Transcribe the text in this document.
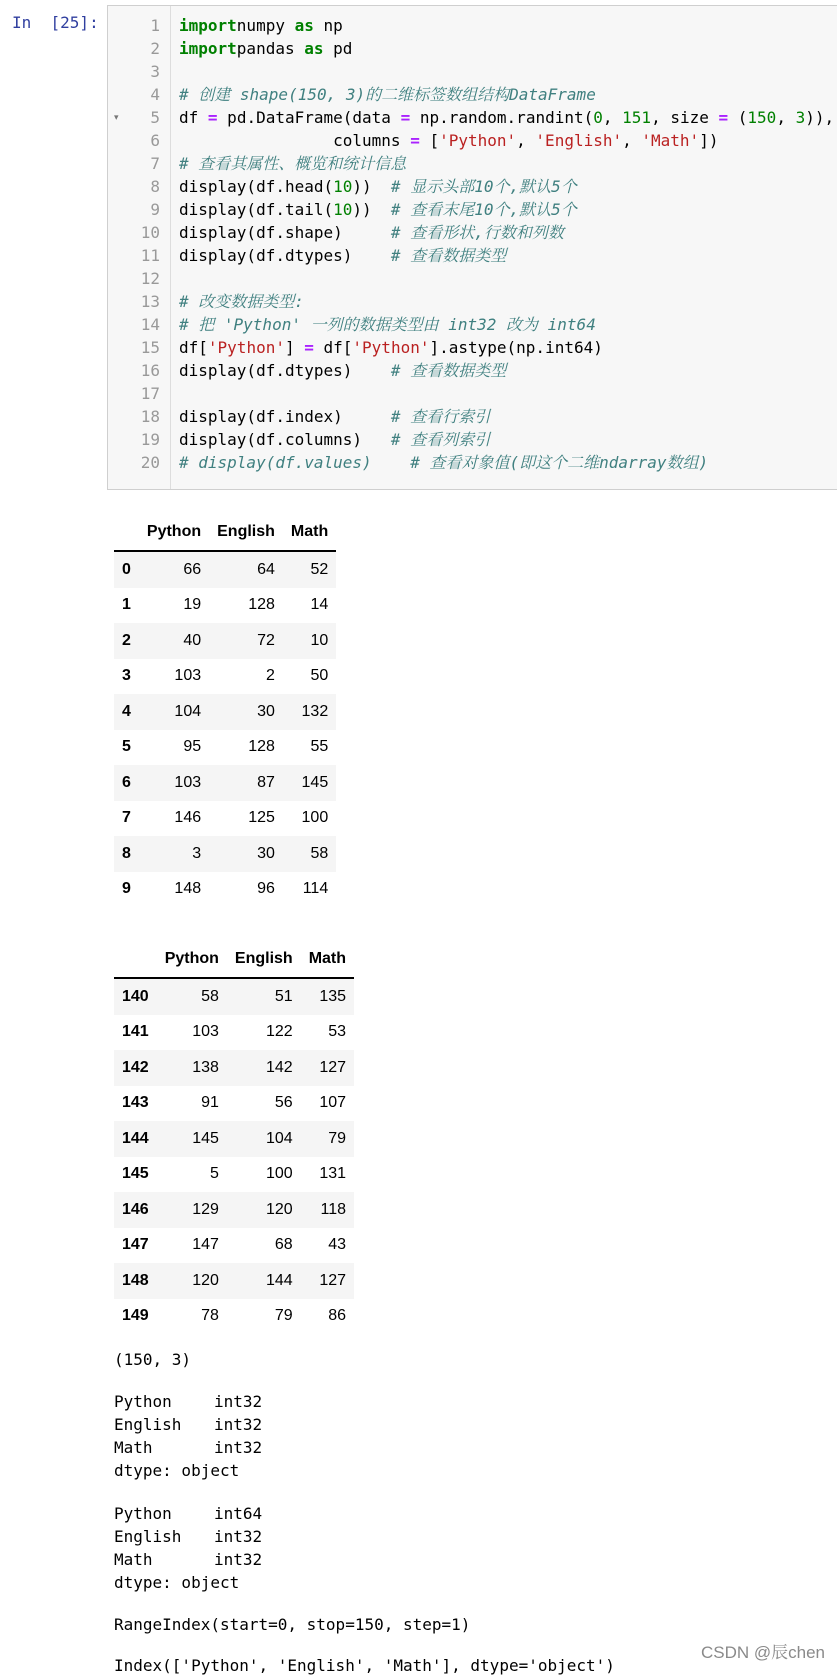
In  [25]:	1 importnumpy as np
2 importpandas as pd
3
4 # 创建 shape(150, 3)的二维标签数组结构DataFrame
5
▾	df = pd.DataFrame(data = np.random.randint(0, 151, size = (150, 3)),
6 columns = ['Python', 'English', 'Math'])
7 # 查看其属性、概览和统计信息
8 display(df.head(10))  # 显示头部10个,默认5个
9 display(df.tail(10))  # 查看末尾10个,默认5个
10 display(df.shape)     # 查看形状,行数和列数
11 display(df.dtypes)    # 查看数据类型
12
13 # 改变数据类型:
14 # 把 'Python' 一列的数据类型由 int32 改为 int64
15 df['Python'] = df['Python'].astype(np.int64)
16 display(df.dtypes)    # 查看数据类型
17
18 display(df.index)     # 查看行索引
19 display(df.columns)   # 查看列索引
20 # display(df.values)    # 查看对象值(即这个二维ndarray数组)
	Python	English	Math
0	66	64	52
1	19	128	14
2	40	72	10
3	103	2	50
4	104	30	132
5	95	128	55
6	103	87	145
7	146	125	100
8	3	30	58
9	148	96	114
	Python	English	Math
140	58	51	135
141	103	122	53
142	138	142	127
143	91	56	107
144	145	104	79
145	5	100	131
146	129	120	118
147	147	68	43
148	120	144	127
149	78	79	86
(150, 3)
Python	int32
English int32
Math	int32
dtype: object
Python	int64
English int32
Math	int32
dtype: object
RangeIndex(start=0, stop=150, step=1)
Index(['Python', 'English', 'Math'], dtype='object')
CSDN @辰chen
